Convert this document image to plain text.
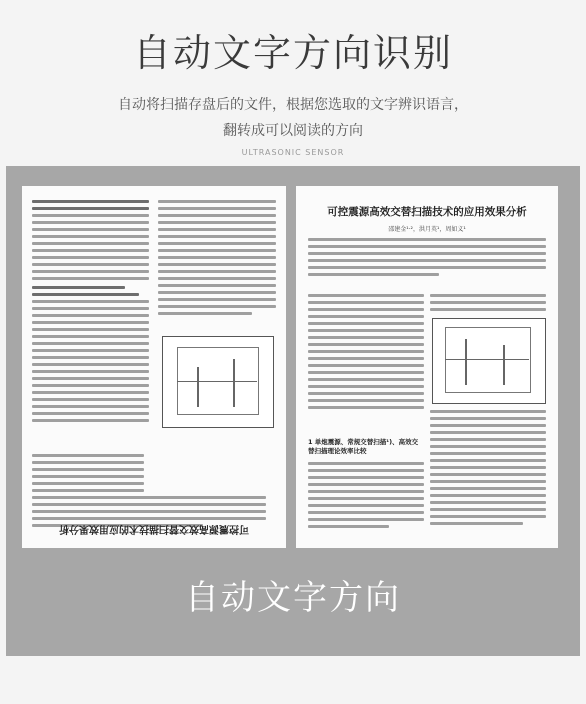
自动文字方向识别
自动将扫描存盘后的文件，根据您选取的文字辨识语言，
翻转成可以阅读的方向
ULTRASONIC SENSOR
可控震源高效交替扫描技术的应用效果分析
可控震源高效交替扫描技术的应用效果分析
邵建金¹·²，洪月英¹，周如义¹
1 单炮震源、常规交替扫描¹)、高效交替扫描理论效率比较
自动文字方向
